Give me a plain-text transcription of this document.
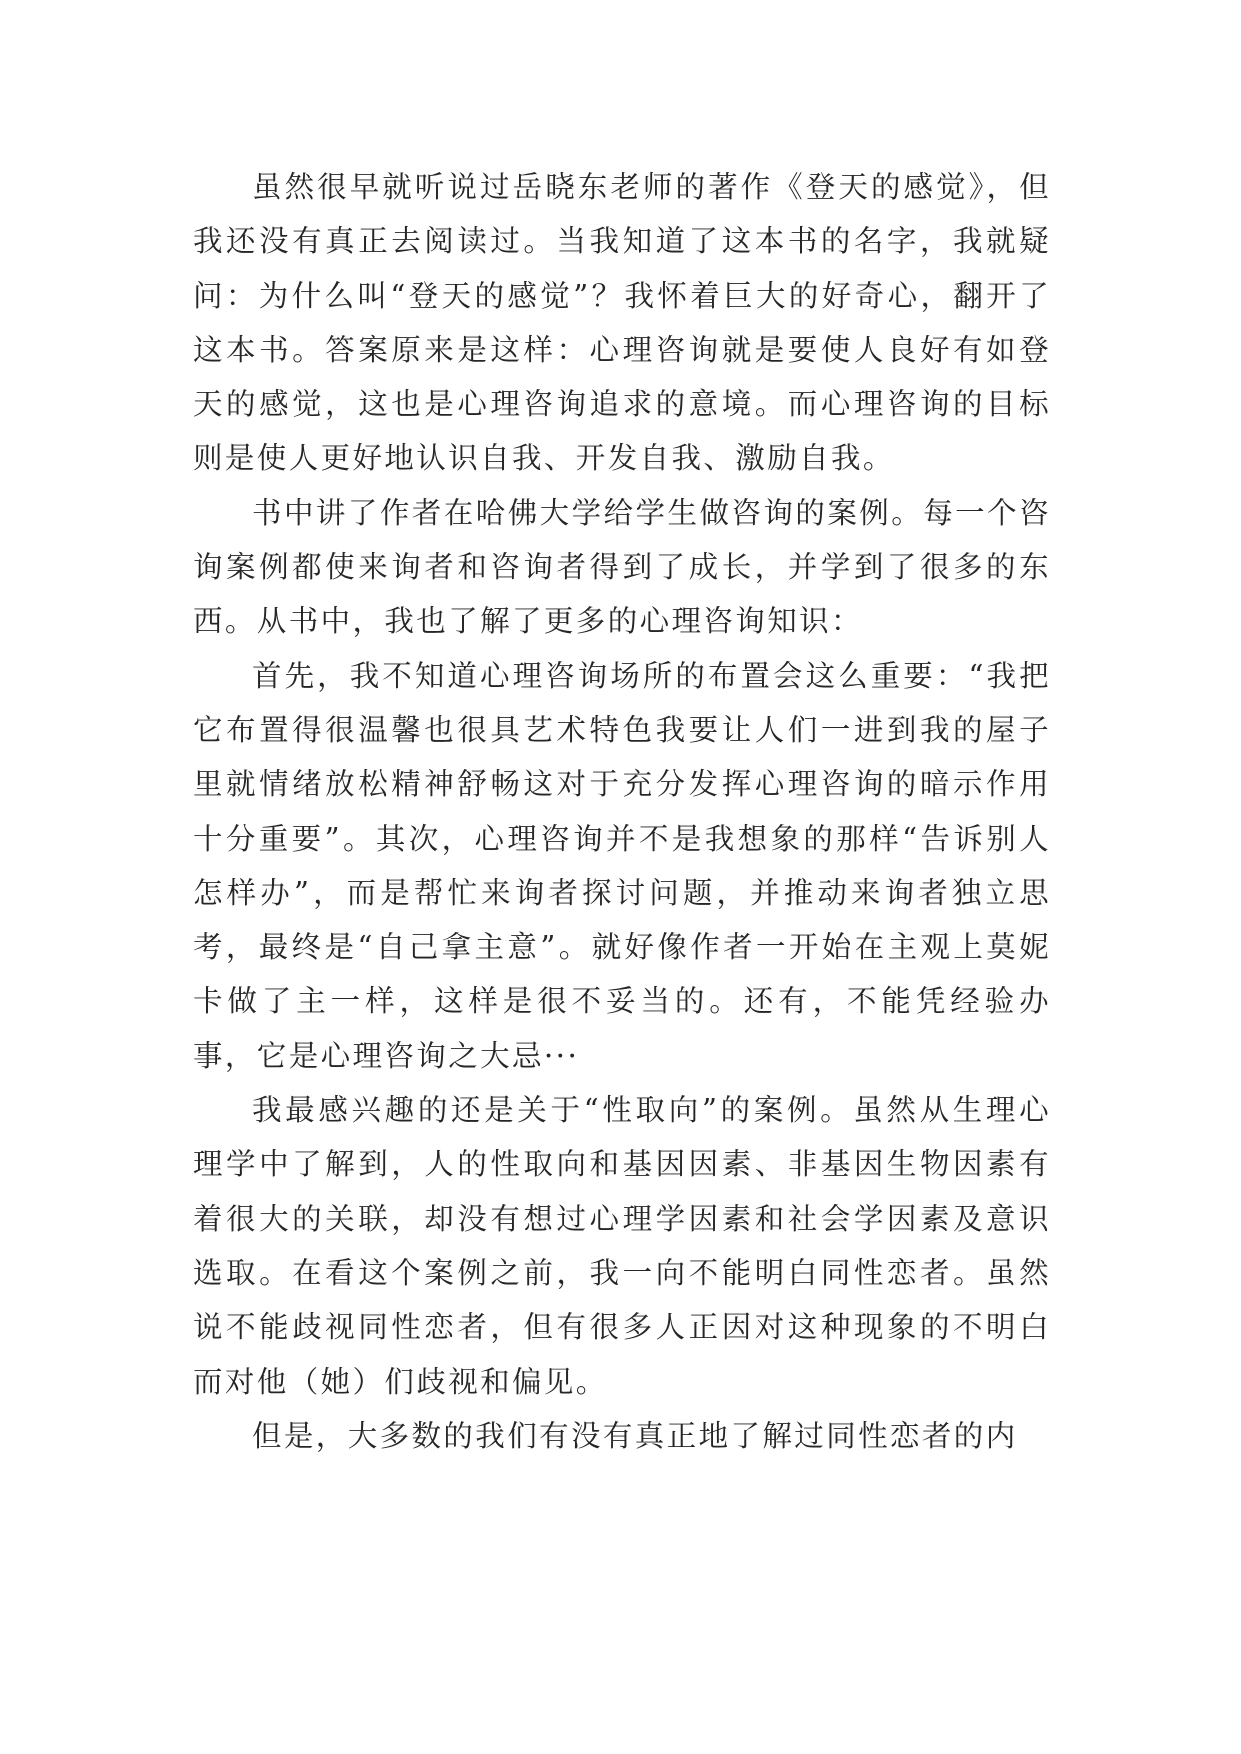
虽然很早就听说过岳晓东老师的著作《登天的感觉》，但我还没有真正去阅读过。当我知道了这本书的名字，我就疑问：为什么叫“登天的感觉”？我怀着巨大的好奇心，翻开了这本书。答案原来是这样：心理咨询就是要使人良好有如登天的感觉，这也是心理咨询追求的意境。而心理咨询的目标则是使人更好地认识自我、开发自我、激励自我。

书中讲了作者在哈佛大学给学生做咨询的案例。每一个咨询案例都使来询者和咨询者得到了成长，并学到了很多的东西。从书中，我也了解了更多的心理咨询知识：

首先，我不知道心理咨询场所的布置会这么重要：“我把它布置得很温馨也很具艺术特色我要让人们一进到我的屋子里就情绪放松精神舒畅这对于充分发挥心理咨询的暗示作用十分重要”。其次，心理咨询并不是我想象的那样“告诉别人怎样办”，而是帮忙来询者探讨问题，并推动来询者独立思考，最终是“自己拿主意”。就好像作者一开始在主观上莫妮卡做了主一样，这样是很不妥当的。还有，不能凭经验办事，它是心理咨询之大忌···

我最感兴趣的还是关于“性取向”的案例。虽然从生理心理学中了解到，人的性取向和基因因素、非基因生物因素有着很大的关联，却没有想过心理学因素和社会学因素及意识选取。在看这个案例之前，我一向不能明白同性恋者。虽然说不能歧视同性恋者，但有很多人正因对这种现象的不明白而对他（她）们歧视和偏见。

但是，大多数的我们有没有真正地了解过同性恋者的内
